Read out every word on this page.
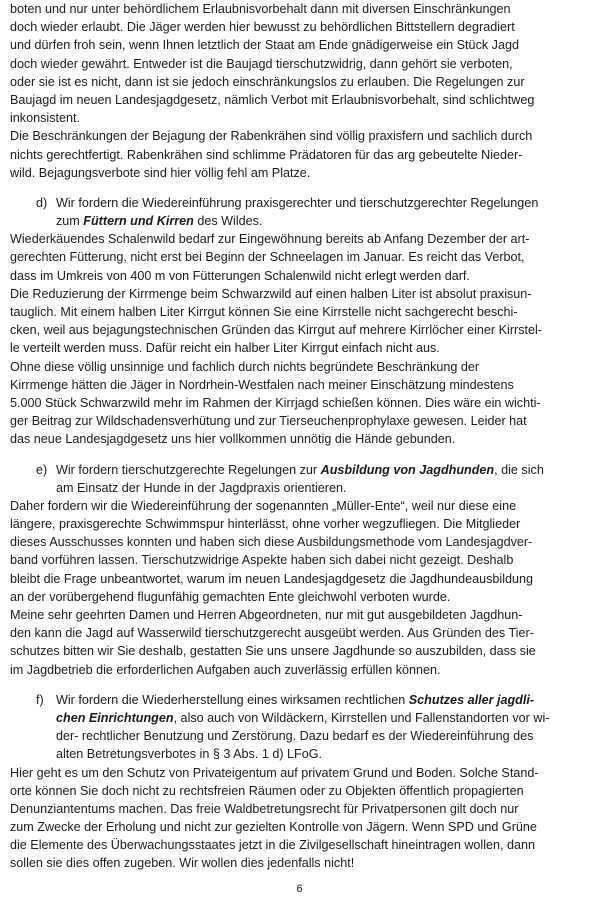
boten und nur unter behördlichem Erlaubnisvorbehalt dann mit diversen Einschränkungen
doch wieder erlaubt. Die Jäger werden hier bewusst zu behördlichen Bittstellern degradiert
und dürfen froh sein, wenn Ihnen letztlich der Staat am Ende gnädigerweise ein Stück Jagd
doch wieder gewährt. Entweder ist die Baujagd tierschutzwidrig, dann gehört sie verboten,
oder sie ist es nicht, dann ist sie jedoch einschränkungslos zu erlauben. Die Regelungen zur
Baujagd im neuen Landesjagdgesetz, nämlich Verbot mit Erlaubnisvorbehalt, sind schlichtweg
inkonsistent.
Die Beschränkungen der Bejagung der Rabenkrähen sind völlig praxisfern und sachlich durch
nichts gerechtfertigt. Rabenkrähen sind schlimme Prädatoren für das arg gebeutelte Nieder-
wild. Bejagungsverbote sind hier völlig fehl am Platze.
d) Wir fordern die Wiedereinführung praxisgerechter und tierschutzgerechter Regelungen
zum Füttern und Kirren des Wildes.
Wiederkäuendes Schalenwild bedarf zur Eingewöhnung bereits ab Anfang Dezember der art-
gerechten Fütterung, nicht erst bei Beginn der Schneelagen im Januar. Es reicht das Verbot,
dass im Umkreis von 400 m von Fütterungen Schalenwild nicht erlegt werden darf.
Die Reduzierung der Kirrmenge beim Schwarzwild auf einen halben Liter ist absolut praxisun-
tauglich. Mit einem halben Liter Kirrgut können Sie eine Kirrstelle nicht sachgerecht beschi-
cken, weil aus bejagungstechnischen Gründen das Kirrgut auf mehrere Kirrlöcher einer Kirrstel-
le verteilt werden muss. Dafür reicht ein halber Liter Kirrgut einfach nicht aus.
Ohne diese völlig unsinnige und fachlich durch nichts begründete Beschränkung der
Kirrmenge hätten die Jäger in Nordrhein-Westfalen nach meiner Einschätzung mindestens
5.000 Stück Schwarzwild mehr im Rahmen der Kirrjagd schießen können. Dies wäre ein wichti-
ger Beitrag zur Wildschadensverhütung und zur Tierseuchenprophylaxe gewesen. Leider hat
das neue Landesjagdgesetz uns hier vollkommen unnötig die Hände gebunden.
e) Wir fordern tierschutzgerechte Regelungen zur Ausbildung von Jagdhunden, die sich
am Einsatz der Hunde in der Jagdpraxis orientieren.
Daher fordern wir die Wiedereinführung der sogenannten „Müller-Ente“, weil nur diese eine
längere, praxisgerechte Schwimmspur hinterlässt, ohne vorher wegzufliegen. Die Mitglieder
dieses Ausschusses konnten und haben sich diese Ausbildungsmethode vom Landesjagdver-
band vorführen lassen. Tierschutzwidrige Aspekte haben sich dabei nicht gezeigt. Deshalb
bleibt die Frage unbeantwortet, warum im neuen Landesjagdgesetz die Jagdhundeausbildung
an der vorübergehend flugunfähig gemachten Ente gleichwohl verboten wurde.
Meine sehr geehrten Damen und Herren Abgeordneten, nur mit gut ausgebildeten Jagdhun-
den kann die Jagd auf Wasserwild tierschutzgerecht ausgeübt werden. Aus Gründen des Tier-
schutzes bitten wir Sie deshalb, gestatten Sie uns unsere Jagdhunde so auszubilden, dass sie
im Jagdbetrieb die erforderlichen Aufgaben auch zuverlässig erfüllen können.
f) Wir fordern die Wiederherstellung eines wirksamen rechtlichen Schutzes aller jagdli-
chen Einrichtungen, also auch von Wildäckern, Kirrstellen und Fallenstandorten vor wi-
der- rechtlicher Benutzung und Zerstörung. Dazu bedarf es der Wiedereinführung des
alten Betretungsverbotes in § 3 Abs. 1 d) LFoG.
Hier geht es um den Schutz von Privateigentum auf privatem Grund und Boden. Solche Stand-
orte können Sie doch nicht zu rechtsfreien Räumen oder zu Objekten öffentlich propagierten
Denunziantentums machen. Das freie Waldbetretungsrecht für Privatpersonen gilt doch nur
zum Zwecke der Erholung und nicht zur gezielten Kontrolle von Jägern. Wenn SPD und Grüne
die Elemente des Überwachungsstaates jetzt in die Zivilgesellschaft hineintragen wollen, dann
sollen sie dies offen zugeben. Wir wollen dies jedenfalls nicht!
6
